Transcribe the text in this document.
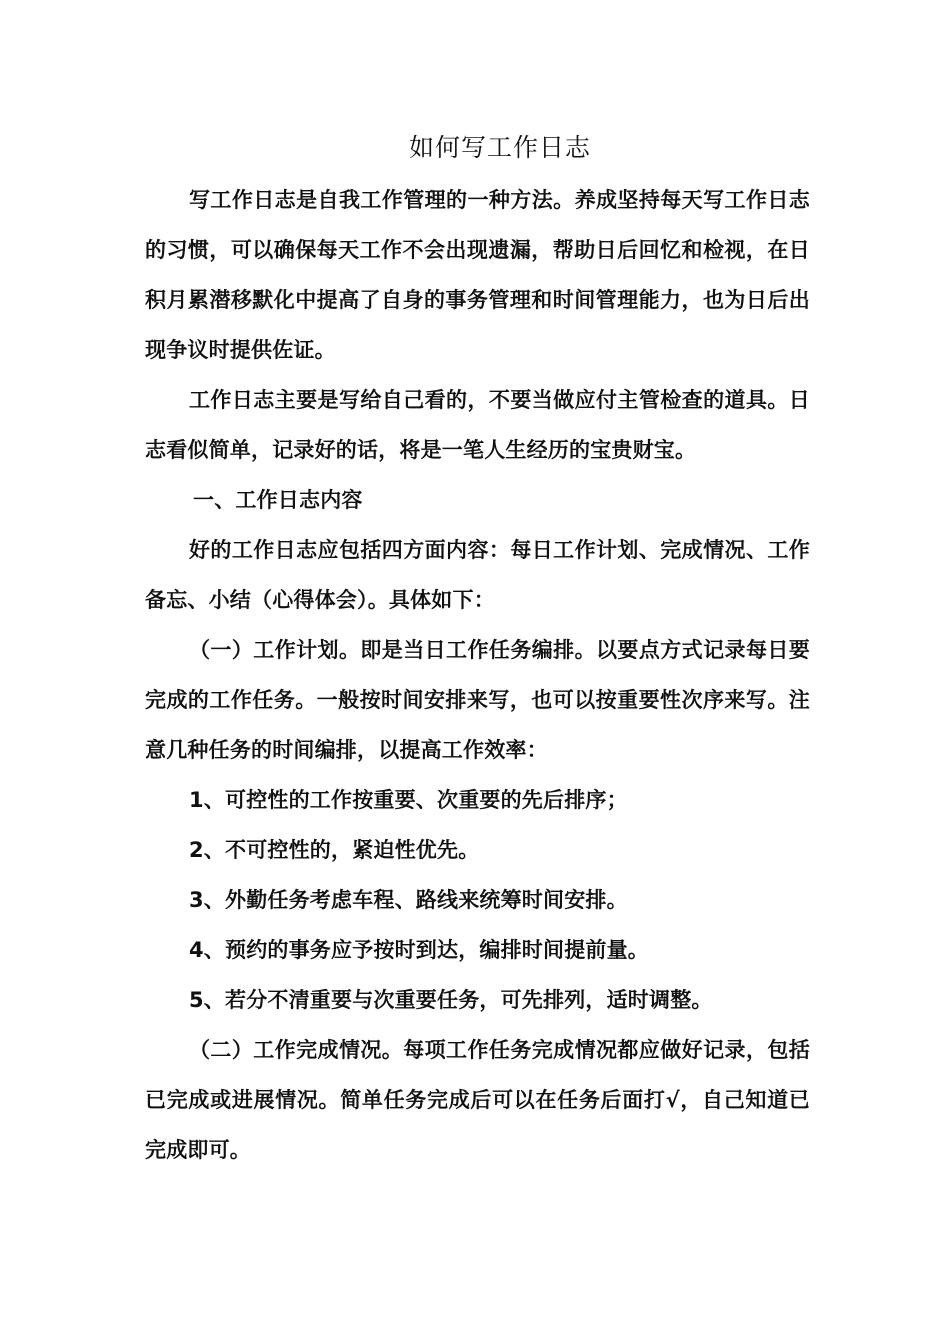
如何写工作日志

写工作日志是自我工作管理的一种方法。养成坚持每天写工作日志的习惯，可以确保每天工作不会出现遗漏，帮助日后回忆和检视，在日积月累潜移默化中提高了自身的事务管理和时间管理能力，也为日后出现争议时提供佐证。

工作日志主要是写给自己看的，不要当做应付主管检查的道具。日志看似简单，记录好的话，将是一笔人生经历的宝贵财宝。

一、工作日志内容

好的工作日志应包括四方面内容：每日工作计划、完成情况、工作备忘、小结（心得体会）。具体如下：

（一）工作计划。即是当日工作任务编排。以要点方式记录每日要完成的工作任务。一般按时间安排来写，也可以按重要性次序来写。注意几种任务的时间编排，以提高工作效率：

1、可控性的工作按重要、次重要的先后排序；

2、不可控性的，紧迫性优先。

3、外勤任务考虑车程、路线来统筹时间安排。

4、预约的事务应予按时到达，编排时间提前量。

5、若分不清重要与次重要任务，可先排列，适时调整。

（二）工作完成情况。每项工作任务完成情况都应做好记录，包括已完成或进展情况。简单任务完成后可以在任务后面打√，自己知道已完成即可。
